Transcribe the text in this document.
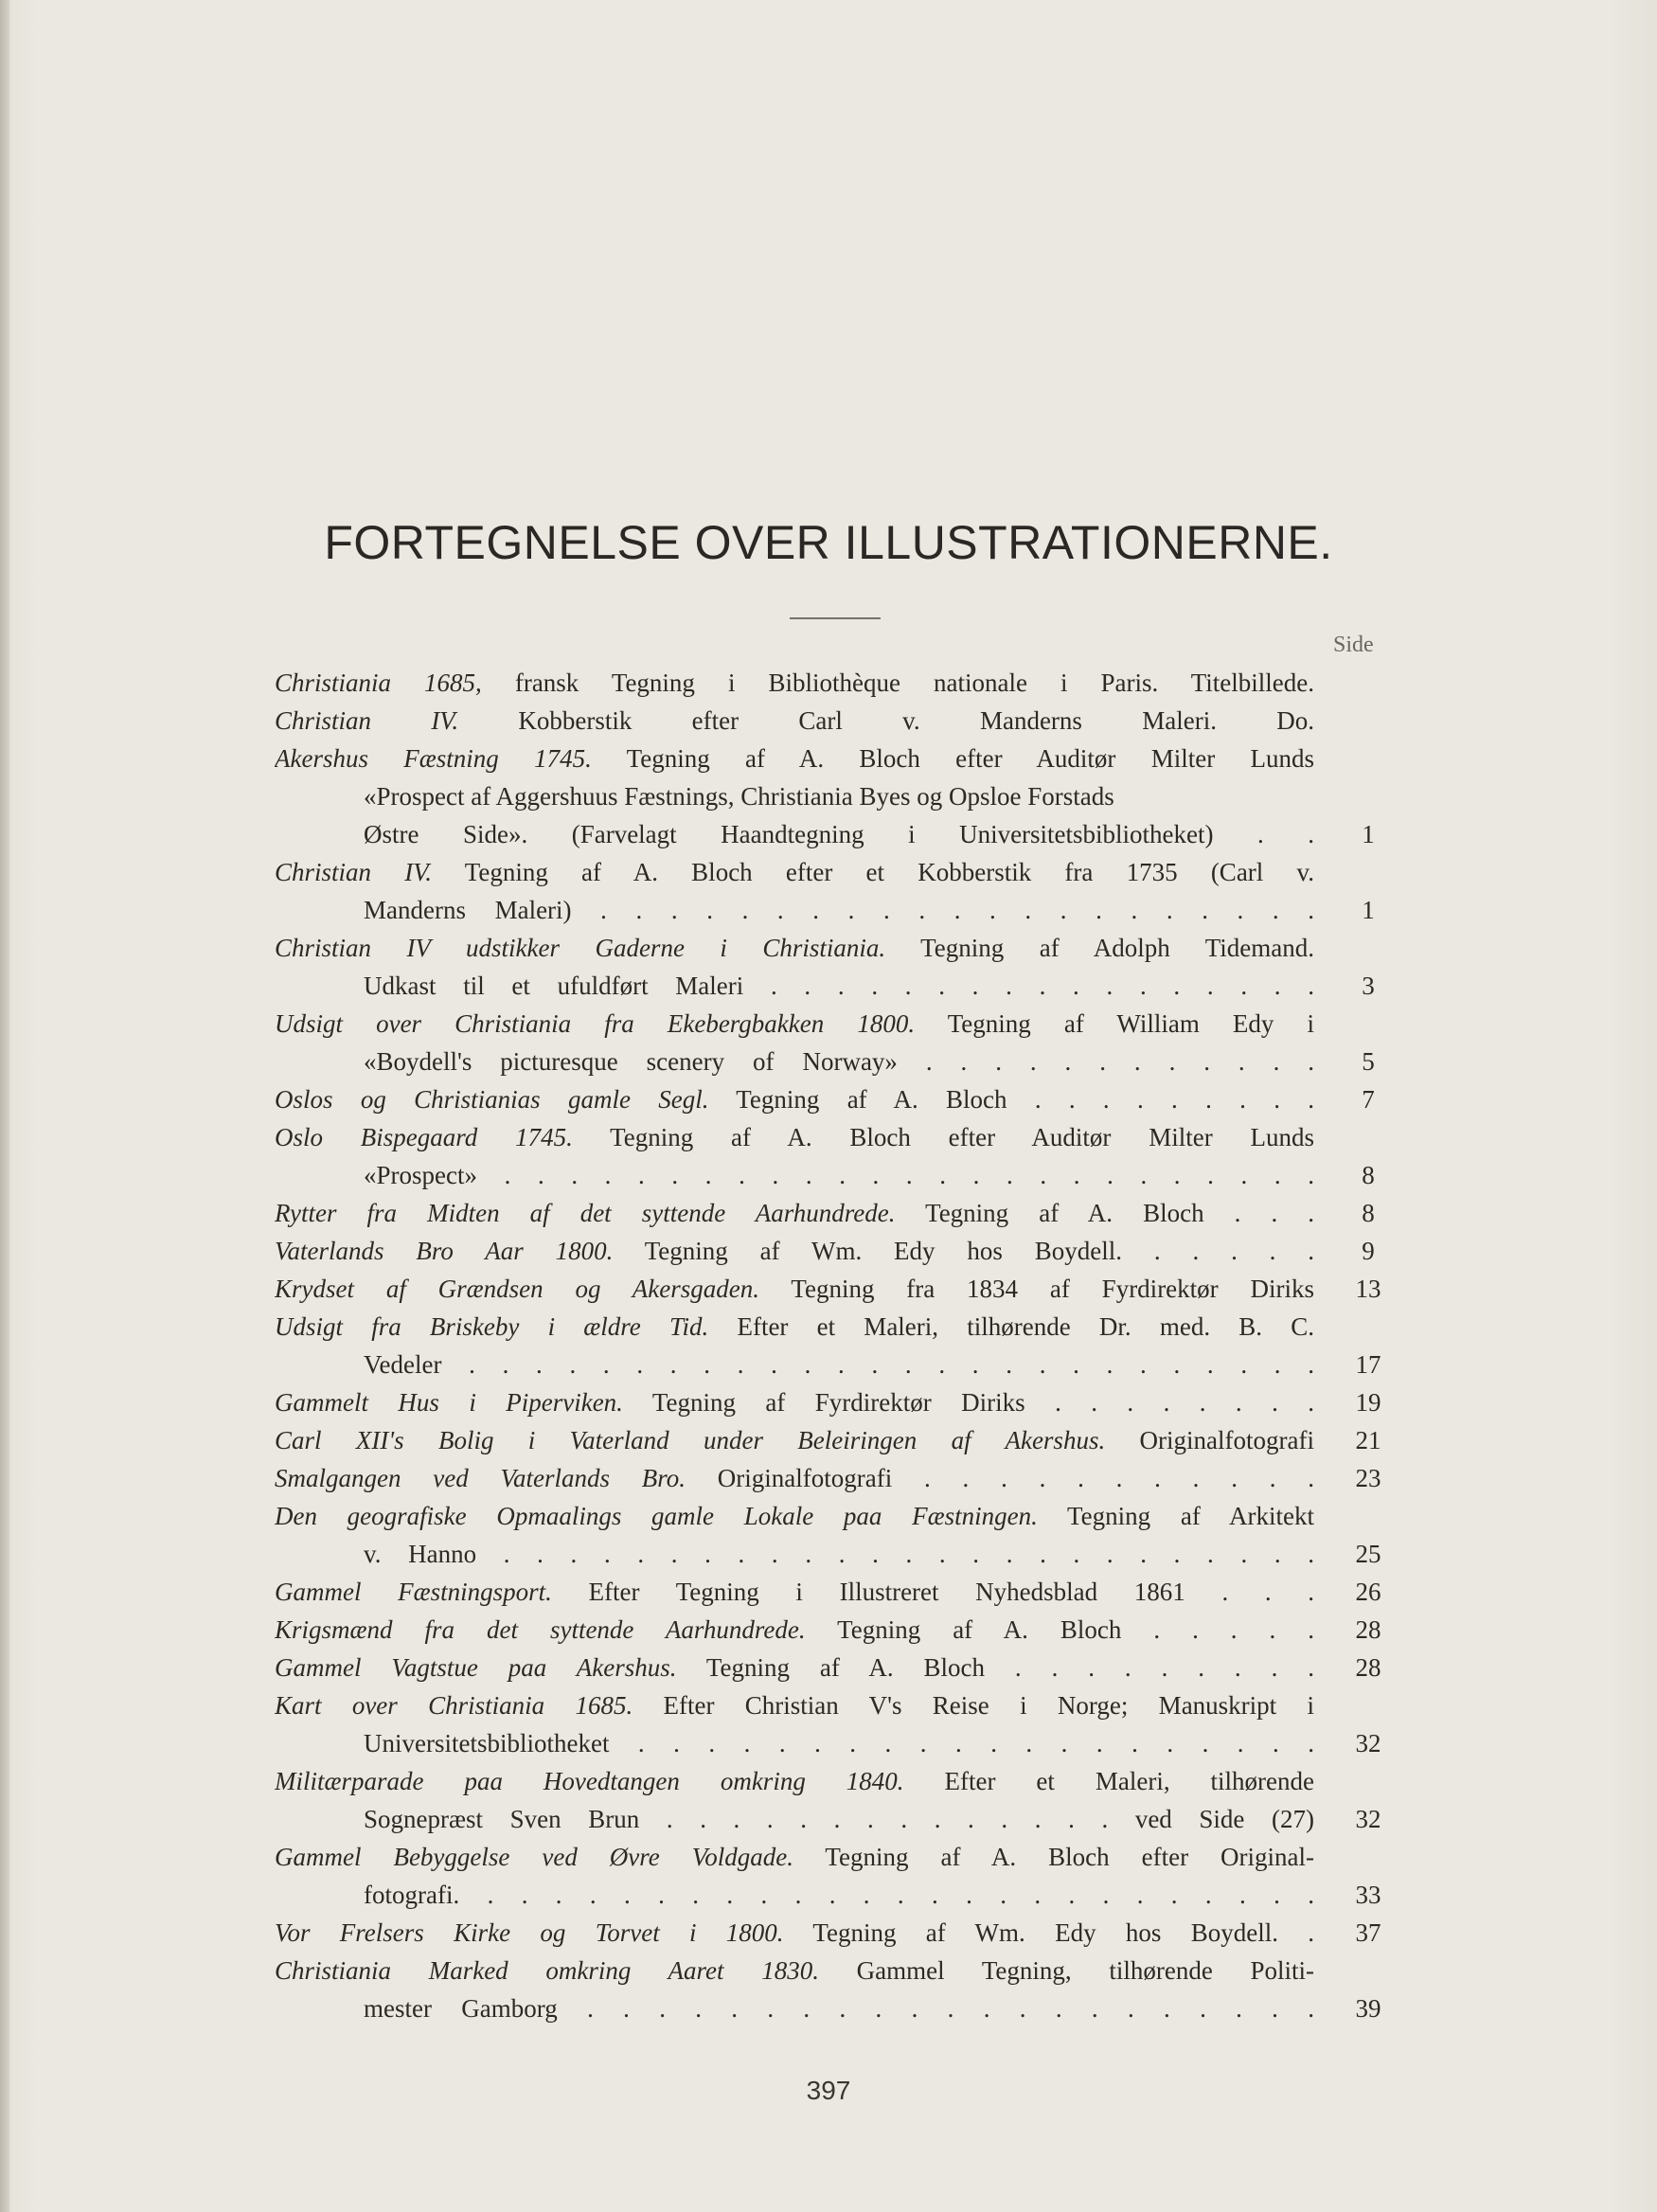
FORTEGNELSE OVER ILLUSTRATIONERNE.
Side
Christiania 1685, fransk Tegning i Bibliothèque nationale i Paris. Titelbillede.
Christian IV. Kobberstik efter Carl v. Manderns Maleri. Do.
Akershus Fæstning 1745. Tegning af A. Bloch efter Auditør Milter Lunds
«Prospect af Aggershuus Fæstnings, Christiania Byes og Opsloe Forstads
Østre Side». (Farvelagt Haandtegning i Universitetsbibliotheket) . .	1
Christian IV. Tegning af A. Bloch efter et Kobberstik fra 1735 (Carl v.
Manderns Maleri) . . . . . . . . . . . . . . . . . . . . .	1
Christian IV udstikker Gaderne i Christiania. Tegning af Adolph Tidemand.
Udkast til et ufuldført Maleri . . . . . . . . . . . . . . . . .	3
Udsigt over Christiania fra Ekebergbakken 1800. Tegning af William Edy i
«Boydell's picturesque scenery of Norway» . . . . . . . . . . . .	5
Oslos og Christianias gamle Segl. Tegning af A. Bloch . . . . . . . . .	7
Oslo Bispegaard 1745. Tegning af A. Bloch efter Auditør Milter Lunds
«Prospect» . . . . . . . . . . . . . . . . . . . . . . . . .	8
Rytter fra Midten af det syttende Aarhundrede. Tegning af A. Bloch . . .	8
Vaterlands Bro Aar 1800. Tegning af Wm. Edy hos Boydell. . . . . .	9
Krydset af Grændsen og Akersgaden. Tegning fra 1834 af Fyrdirektør Diriks	13
Udsigt fra Briskeby i ældre Tid. Efter et Maleri, tilhørende Dr. med. B. C.
Vedeler . . . . . . . . . . . . . . . . . . . . . . . . . .	17
Gammelt Hus i Piperviken. Tegning af Fyrdirektør Diriks . . . . . . . .	19
Carl XII's Bolig i Vaterland under Beleiringen af Akershus. Originalfotografi	21
Smalgangen ved Vaterlands Bro. Originalfotografi . . . . . . . . . . .	23
Den geografiske Opmaalings gamle Lokale paa Fæstningen. Tegning af Arkitekt
v. Hanno . . . . . . . . . . . . . . . . . . . . . . . . .	25
Gammel Fæstningsport. Efter Tegning i Illustreret Nyhedsblad 1861 . . .	26
Krigsmænd fra det syttende Aarhundrede. Tegning af A. Bloch . . . . .	28
Gammel Vagtstue paa Akershus. Tegning af A. Bloch . . . . . . . . .	28
Kart over Christiania 1685. Efter Christian V's Reise i Norge; Manuskript i
Universitetsbibliotheket . . . . . . . . . . . . . . . . . . . .	32
Militærparade paa Hovedtangen omkring 1840. Efter et Maleri, tilhørende
Sognepræst Sven Brun . . . . . . . . . . . . . . ved Side (27)	32
Gammel Bebyggelse ved Øvre Voldgade. Tegning af A. Bloch efter Original-
fotografi. . . . . . . . . . . . . . . . . . . . . . . . . .	33
Vor Frelsers Kirke og Torvet i 1800. Tegning af Wm. Edy hos Boydell. .	37
Christiania Marked omkring Aaret 1830. Gammel Tegning, tilhørende Politi-
mester Gamborg . . . . . . . . . . . . . . . . . . . . .	39
397
